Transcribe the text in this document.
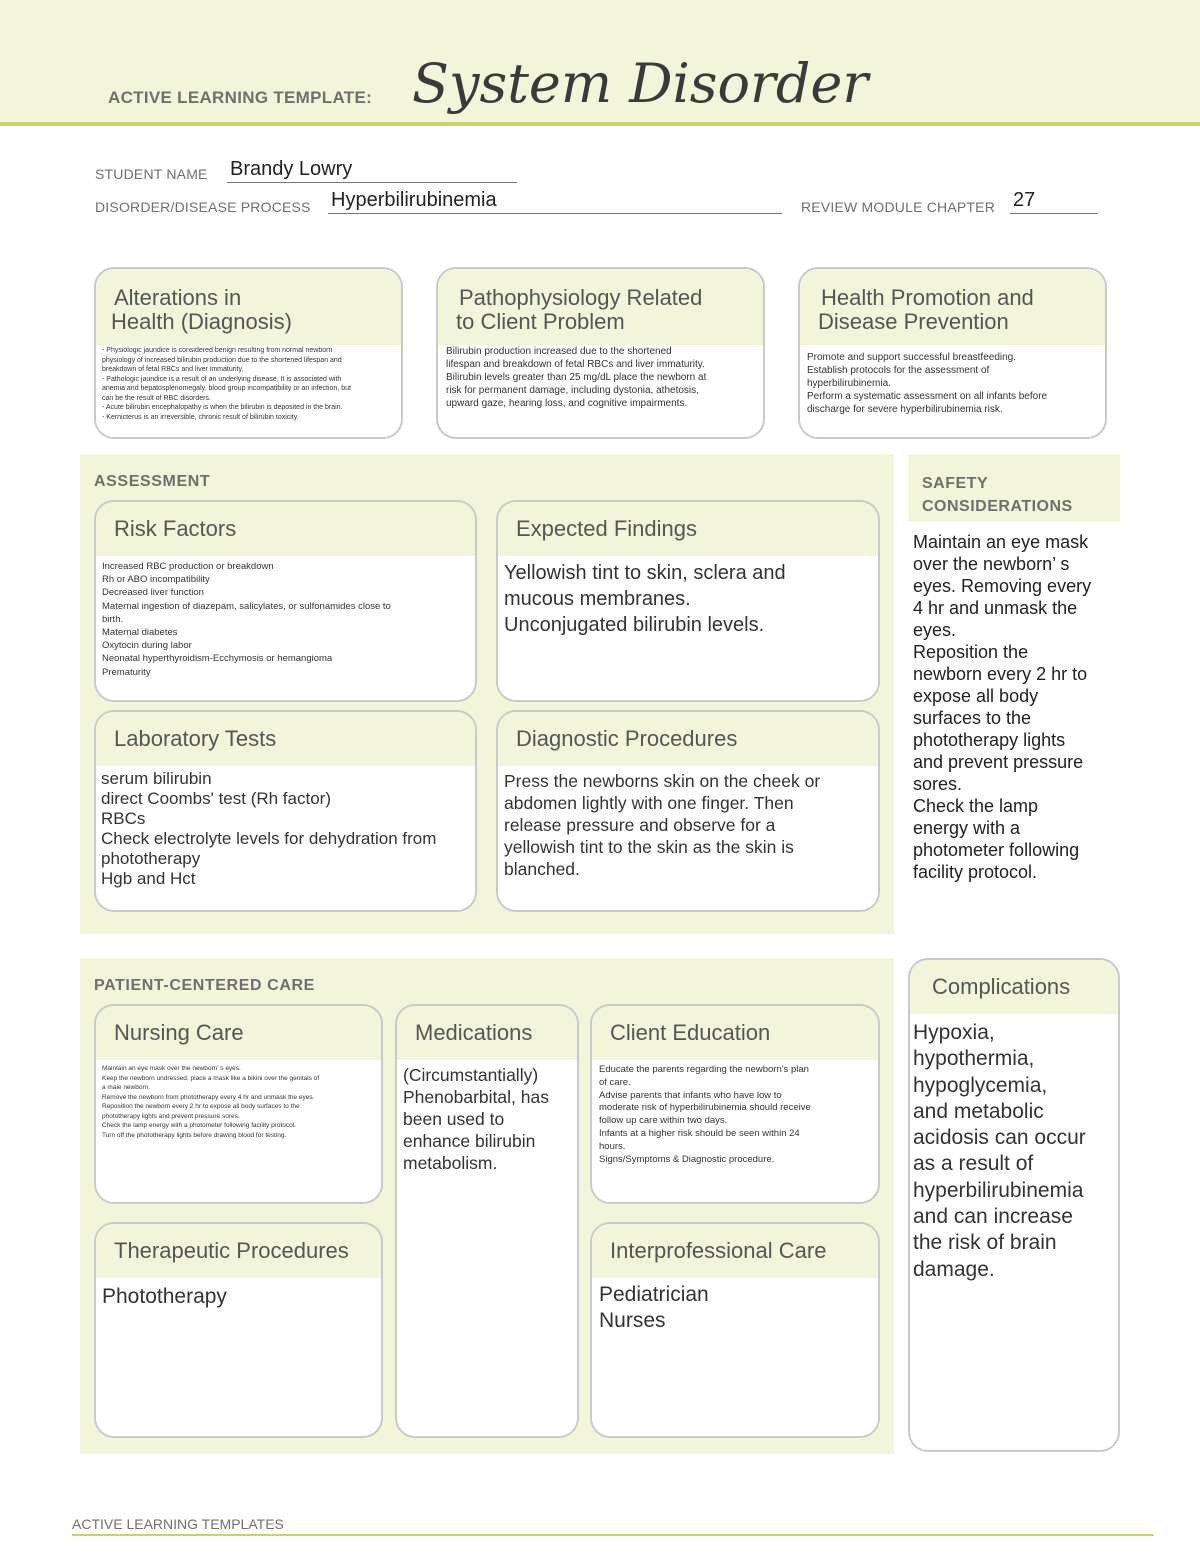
ACTIVE LEARNING TEMPLATE: System Disorder
STUDENT NAME Brandy Lowry
DISORDER/DISEASE PROCESS Hyperbilirubinemia	REVIEW MODULE CHAPTER 27
Alterations in
Health (Diagnosis)
- Physiologic jaundice is considered benign resulting from normal newborn
physiology of increased bilirubin production due to the shortened lifespan and
breakdown of fetal RBCs and liver immaturity.
- Pathologic jaundice is a result of an underlying disease. It is associated with
anemia and hepatosplenomegaly. blood group incompatibility or an infection, but
can be the result of RBC disorders.
- Acute bilirubin encephalopathy is when the bilirubin is deposited in the brain.
- Kernicterus is an irreversible, chronic result of bilirubin toxicity.
Pathophysiology Related
to Client Problem
Bilirubin production increased due to the shortened
lifespan and breakdown of fetal RBCs and liver immaturity.
Bilirubin levels greater than 25 mg/dL place the newborn at
risk for permanent damage, including dystonia, athetosis,
upward gaze, hearing loss, and cognitive impairments.
Health Promotion and
Disease Prevention
Promote and support successful breastfeeding.
Establish protocols for the assessment of
hyperbilirubinemia.
Perform a systematic assessment on all infants before
discharge for severe hyperbilirubinemia risk.
ASSESSMENT
Risk Factors
Increased RBC production or breakdown
Rh or ABO incompatibility
Decreased liver function
Maternal ingestion of diazepam, salicylates, or sulfonamides close to
birth.
Maternal diabetes
Oxytocin during labor
Neonatal hyperthyroidism-Ecchymosis or hemangioma
Prematurity
Expected Findings
Yellowish tint to skin, sclera and
mucous membranes.
Unconjugated bilirubin levels.
Laboratory Tests
serum bilirubin
direct Coombs' test (Rh factor)
RBCs
Check electrolyte levels for dehydration from
phototherapy
Hgb and Hct
Diagnostic Procedures
Press the newborns skin on the cheek or
abdomen lightly with one finger. Then
release pressure and observe for a
yellowish tint to the skin as the skin is
blanched.
SAFETY
CONSIDERATIONS
Maintain an eye mask
over the newborn’ s
eyes. Removing every
4 hr and unmask the
eyes.
Reposition the
newborn every 2 hr to
expose all body
surfaces to the
phototherapy lights
and prevent pressure
sores.
Check the lamp
energy with a
photometer following
facility protocol.
PATIENT-CENTERED CARE
Nursing Care
Maintain an eye mask over the newborn’ s eyes.
Keep the newborn undressed. place a mask like a bikini over the genitals of
a male newborn.
Remove the newborn from phototherapy every 4 hr and unmask the eyes.
Reposition the newborn every 2 hr to expose all body surfaces to the
phototherapy lights and prevent pressure sores.
Check the lamp energy with a photometer following facility protocol.
Turn off the phototherapy lights before drawing blood for testing.
Medications
(Circumstantially)
Phenobarbital, has
been used to
enhance bilirubin
metabolism.
Client Education
Educate the parents regarding the newborn's plan
of care.
Advise parents that infants who have low to
moderate risk of hyperbilirubinemia should receive
follow up care within two days.
Infants at a higher risk should be seen within 24
hours.
Signs/Symptoms & Diagnostic procedure.
Therapeutic Procedures
Phototherapy
Interprofessional Care
Pediatrician
Nurses
Complications
Hypoxia,
hypothermia,
hypoglycemia,
and metabolic
acidosis can occur
as a result of
hyperbilirubinemia
and can increase
the risk of brain
damage.
ACTIVE LEARNING TEMPLATES
